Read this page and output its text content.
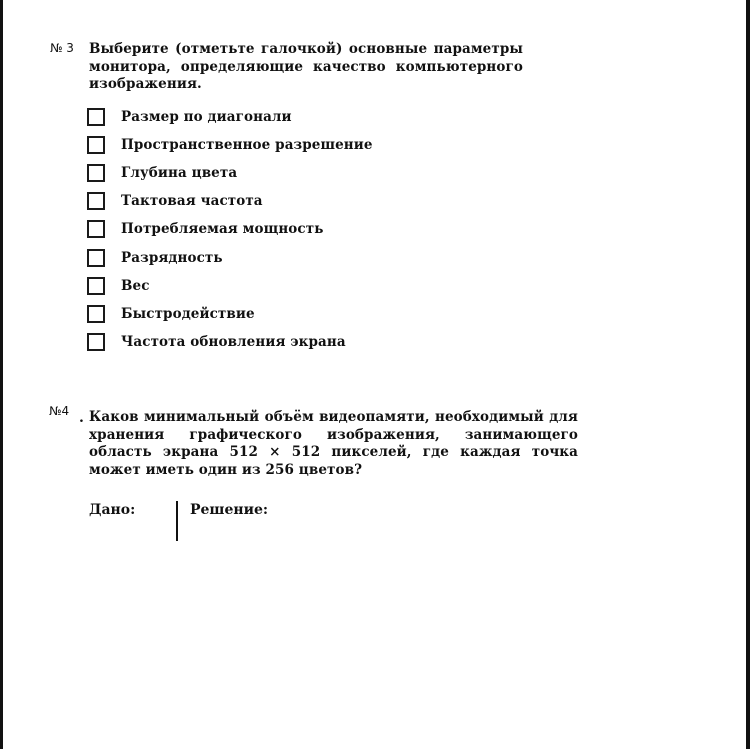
№ 3 Выберите (отметьте галочкой) основные параметры монитора, определяющие качество компьютерного изображения.
Размер по диагонали
Пространственное разрешение
Глубина цвета
Тактовая частота
Потребляемая мощность
Разрядность
Вес
Быстродействие
Частота обновления экрана
№4 . Каков минимальный объём видеопамяти, необходимый для хранения графического изображения, занимающего область экрана 512 × 512 пикселей, где каждая точка может иметь один из 256 цветов?
Дано:	Решение:
